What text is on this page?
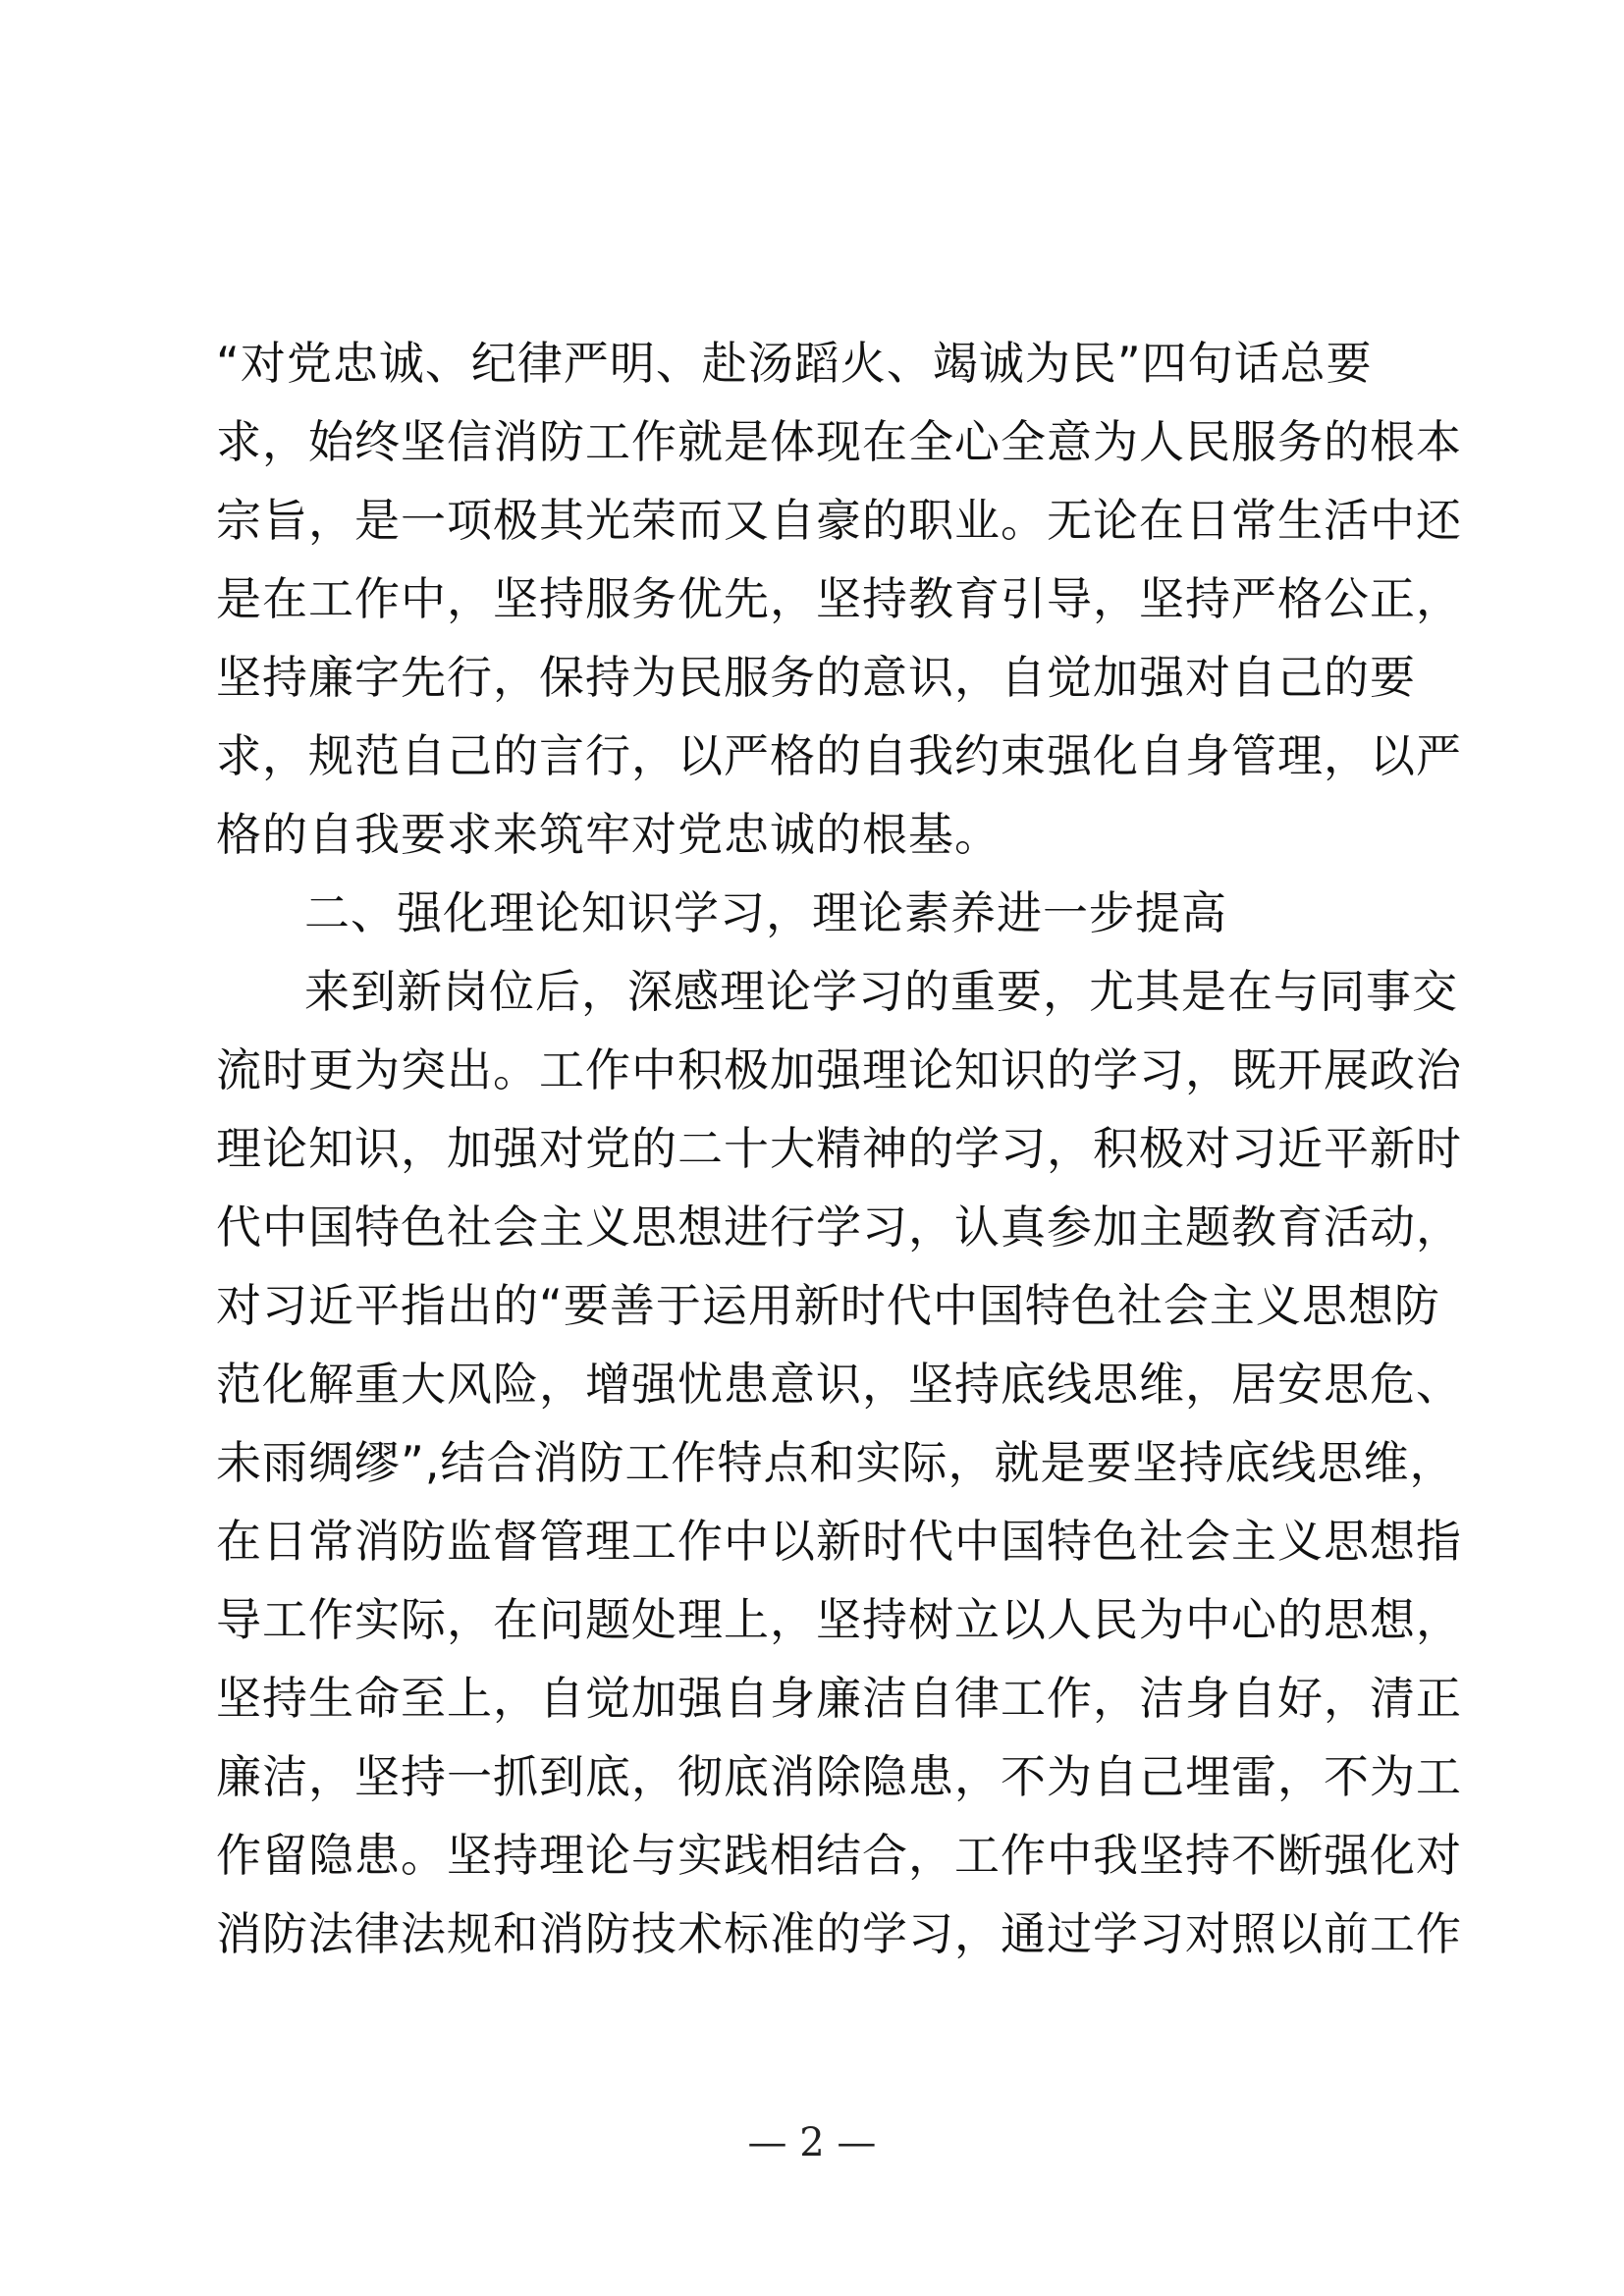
“对党忠诚、纪律严明、赴汤蹈火、竭诚为民”四句话总要
求，始终坚信消防工作就是体现在全心全意为人民服务的根本
宗旨，是一项极其光荣而又自豪的职业。无论在日常生活中还
是在工作中，坚持服务优先，坚持教育引导，坚持严格公正，
坚持廉字先行，保持为民服务的意识，自觉加强对自己的要
求，规范自己的言行，以严格的自我约束强化自身管理，以严
格的自我要求来筑牢对党忠诚的根基。
二、强化理论知识学习，理论素养进一步提高
来到新岗位后，深感理论学习的重要，尤其是在与同事交
流时更为突出。工作中积极加强理论知识的学习，既开展政治
理论知识，加强对党的二十大精神的学习，积极对习近平新时
代中国特色社会主义思想进行学习，认真参加主题教育活动，
对习近平指出的“要善于运用新时代中国特色社会主义思想防
范化解重大风险，增强忧患意识，坚持底线思维，居安思危、
未雨绸缪”,结合消防工作特点和实际，就是要坚持底线思维，
在日常消防监督管理工作中以新时代中国特色社会主义思想指
导工作实际，在问题处理上，坚持树立以人民为中心的思想，
坚持生命至上，自觉加强自身廉洁自律工作，洁身自好，清正
廉洁，坚持一抓到底，彻底消除隐患，不为自己埋雷，不为工
作留隐患。坚持理论与实践相结合，工作中我坚持不断强化对
消防法律法规和消防技术标准的学习，通过学习对照以前工作
— 2 —
